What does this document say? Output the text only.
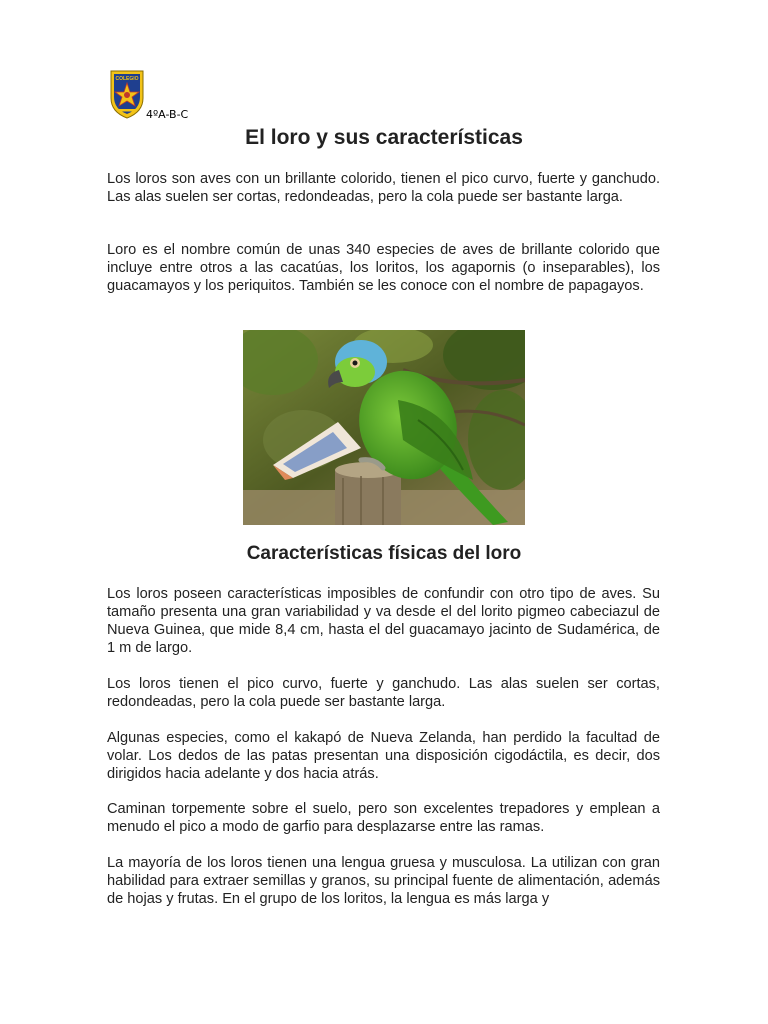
COLEGIO
4ºA-B-C
El loro y sus características

Los loros son aves con un brillante colorido, tienen el pico curvo, fuerte y ganchudo. Las alas suelen ser cortas, redondeadas, pero la cola puede ser bastante larga.

Loro es el nombre común de unas 340 especies de aves de brillante colorido que incluye entre otros a las cacatúas, los loritos, los agapornis (o inseparables), los guacamayos y los periquitos. También se les conoce con el nombre de papagayos.

Características físicas del loro

Los loros poseen características imposibles de confundir con otro tipo de aves. Su tamaño presenta una gran variabilidad y va desde el del lorito pigmeo cabeciazul de Nueva Guinea, que mide 8,4 cm, hasta el del guacamayo jacinto de Sudamérica, de 1 m de largo.

Los loros tienen el pico curvo, fuerte y ganchudo. Las alas suelen ser cortas, redondeadas, pero la cola puede ser bastante larga.

Algunas especies, como el kakapó de Nueva Zelanda, han perdido la facultad de volar. Los dedos de las patas presentan una disposición cigodáctila, es decir, dos dirigidos hacia adelante y dos hacia atrás.

Caminan torpemente sobre el suelo, pero son excelentes trepadores y emplean a menudo el pico a modo de garfio para desplazarse entre las ramas.

La mayoría de los loros tienen una lengua gruesa y musculosa. La utilizan con gran habilidad para extraer semillas y granos, su principal fuente de alimentación, además de hojas y frutas. En el grupo de los loritos, la lengua es más larga y
